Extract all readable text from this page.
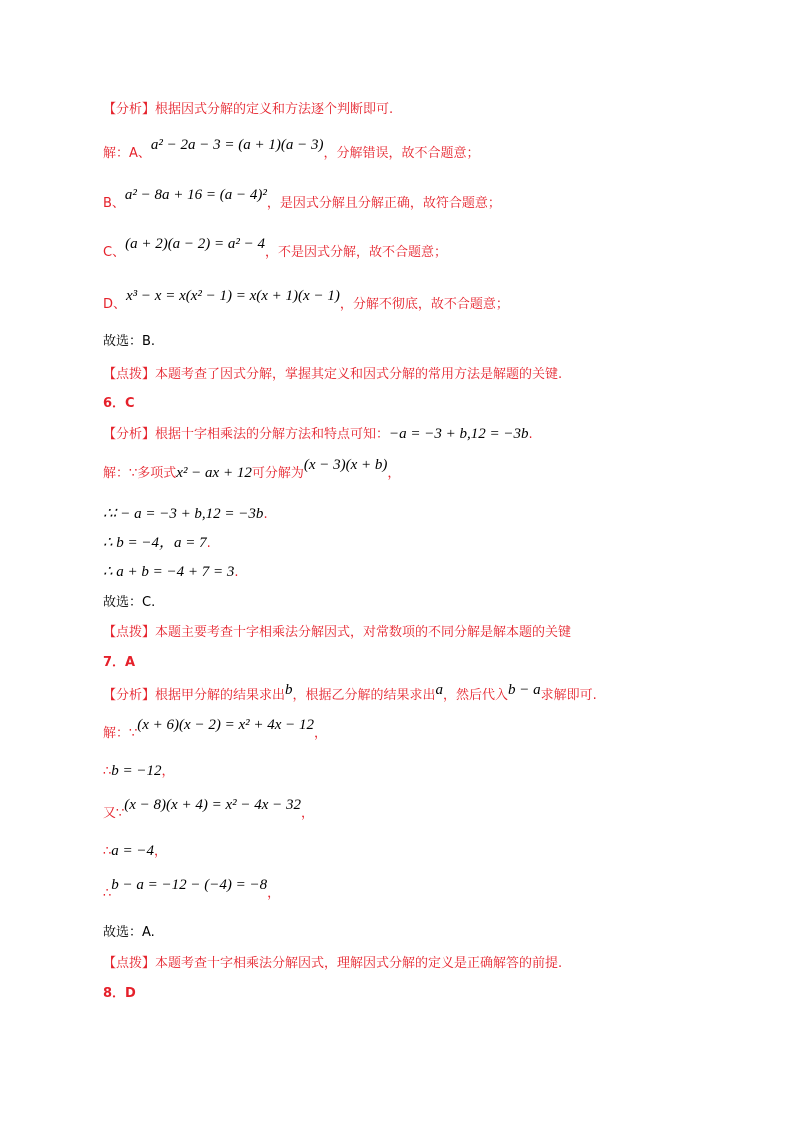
【分析】根据因式分解的定义和方法逐个判断即可.
解：A、a² − 2a − 3 = (a + 1)(a − 3)，分解错误，故不合题意；
B、a² − 8a + 16 = (a − 4)²，是因式分解且分解正确，故符合题意；
C、(a + 2)(a − 2) = a² − 4，不是因式分解，故不合题意；
D、x³ − x = x(x² − 1) = x(x + 1)(x − 1)，分解不彻底，故不合题意；
故选：B.
【点拨】本题考查了因式分解，掌握其定义和因式分解的常用方法是解题的关键.
6．C
【分析】根据十字相乘法的分解方法和特点可知：−a = −3 + b,12 = −3b.
解：∵多项式x² − ax + 12可分解为(x − 3)(x + b)，
∴∶ − a = −3 + b,12 = −3b.
∴ b = −4，a = 7.
∴ a + b = −4 + 7 = 3.
故选：C.
【点拨】本题主要考查十字相乘法分解因式，对常数项的不同分解是解本题的关键
7．A
【分析】根据甲分解的结果求出b，根据乙分解的结果求出a，然后代入b − a求解即可.
解：∵(x + 6)(x − 2) = x² + 4x − 12，
∴b = −12，
又∵(x − 8)(x + 4) = x² − 4x − 32，
∴a = −4，
∴b − a = −12 − (−4) = −8，
故选：A.
【点拨】本题考查十字相乘法分解因式，理解因式分解的定义是正确解答的前提.
8．D
